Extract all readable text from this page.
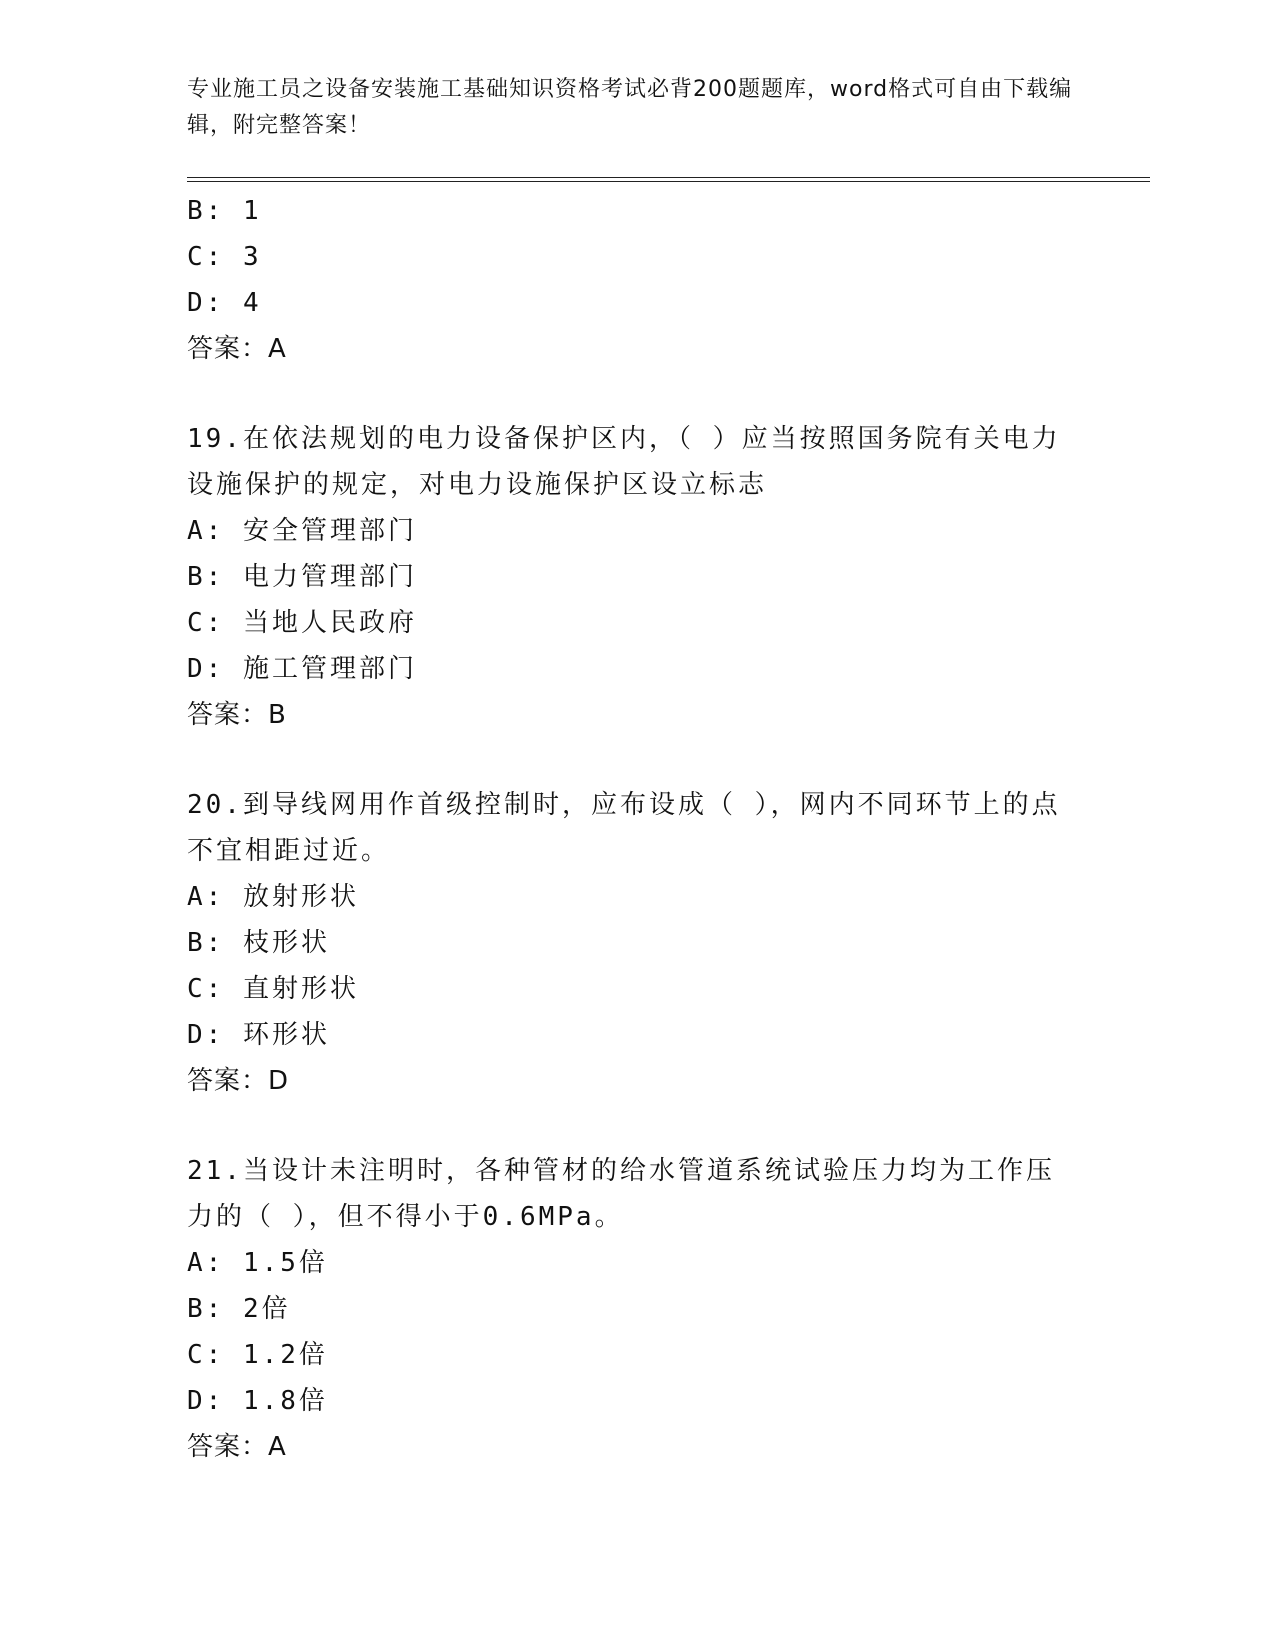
专业施工员之设备安装施工基础知识资格考试必背200题题库，word格式可自由下载编辑，附完整答案！
B: 1
C: 3
D: 4
答案：A
19.在依法规划的电力设备保护区内，（ ）应当按照国务院有关电力设施保护的规定，对电力设施保护区设立标志
A: 安全管理部门
B: 电力管理部门
C: 当地人民政府
D: 施工管理部门
答案：B
20.到导线网用作首级控制时，应布设成（ ），网内不同环节上的点不宜相距过近。
A: 放射形状
B: 枝形状
C: 直射形状
D: 环形状
答案：D
21.当设计未注明时，各种管材的给水管道系统试验压力均为工作压力的（ ），但不得小于0.6MPa。
A: 1.5倍
B: 2倍
C: 1.2倍
D: 1.8倍
答案：A
